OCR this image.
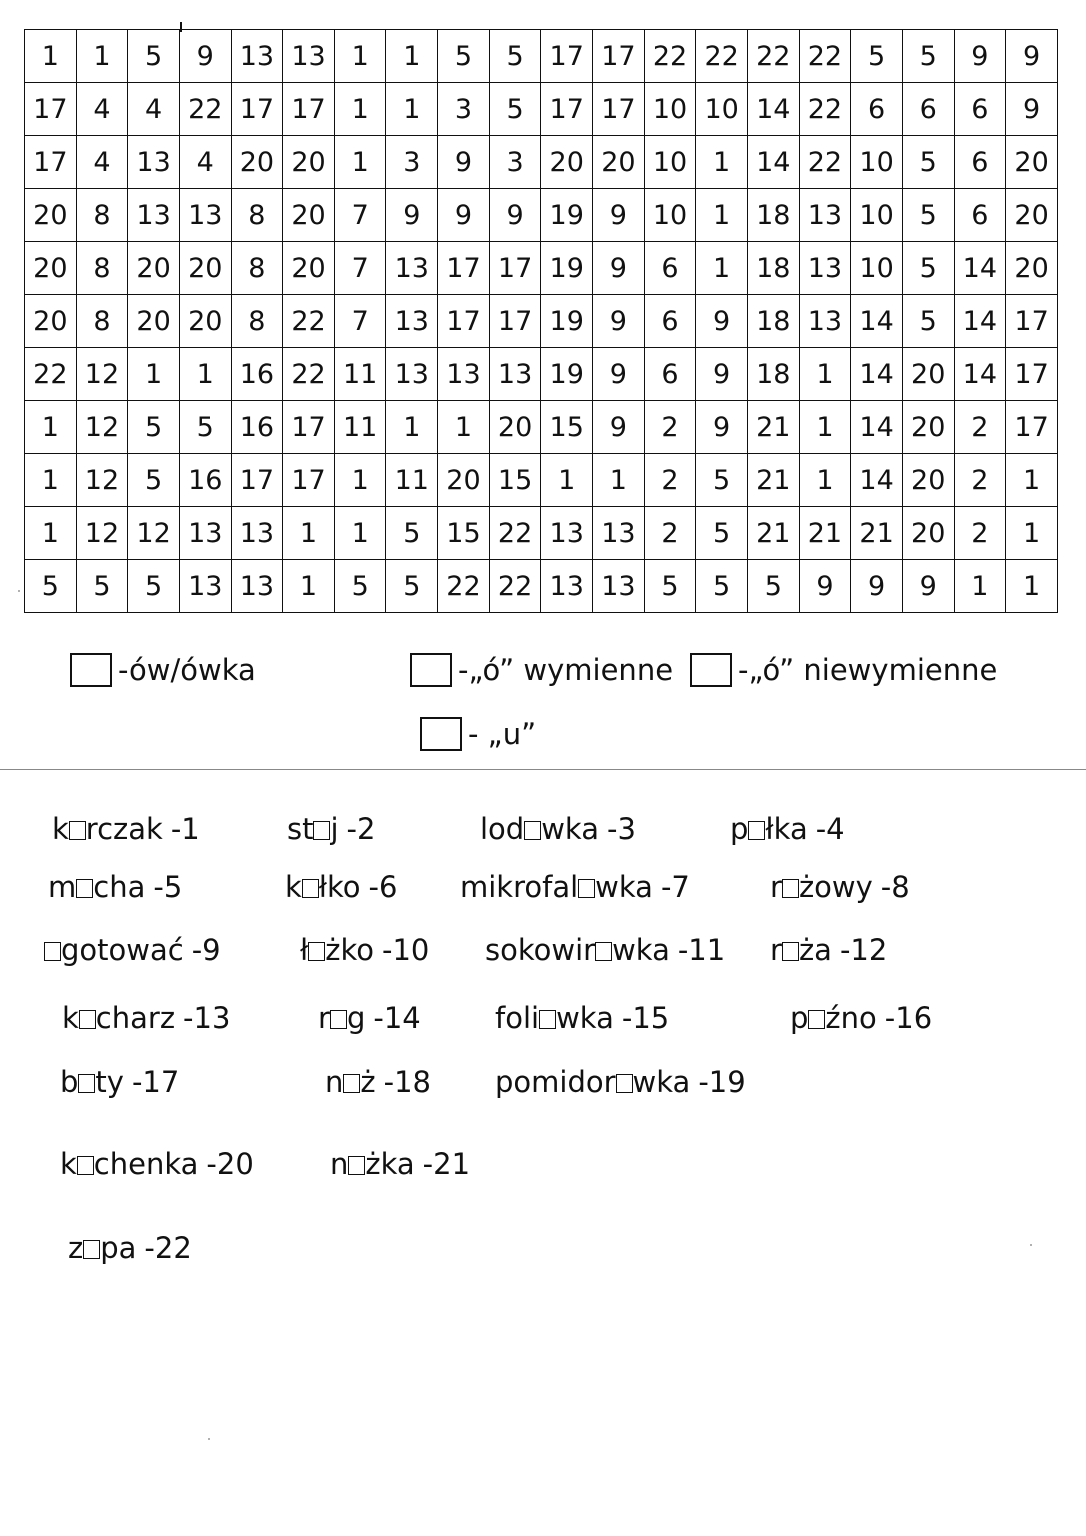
1	1	5	9	13	13	1	1	5	5	17	17	22	22	22	22	5	5	9	9
17	4	4	22	17	17	1	1	3	5	17	17	10	10	14	22	6	6	6	9
17	4	13	4	20	20	1	3	9	3	20	20	10	1	14	22	10	5	6	20
20	8	13	13	8	20	7	9	9	9	19	9	10	1	18	13	10	5	6	20
20	8	20	20	8	20	7	13	17	17	19	9	6	1	18	13	10	5	14	20
20	8	20	20	8	22	7	13	17	17	19	9	6	9	18	13	14	5	14	17
22	12	1	1	16	22	11	13	13	13	19	9	6	9	18	1	14	20	14	17
1	12	5	5	16	17	11	1	1	20	15	9	2	9	21	1	14	20	2	17
1	12	5	16	17	17	1	11	20	15	1	1	2	5	21	1	14	20	2	1
1	12	12	13	13	1	1	5	15	22	13	13	2	5	21	21	21	20	2	1
5	5	5	13	13	1	5	5	22	22	13	13	5	5	5	9	9	9	1	1
-ów/ówka	-„ó” wymienne -„ó” niewymienne
- „u”
k rczak -1	st j -2	lod wka -3	p łka -4
m cha -5	k łko -6 mikrofal wka -7	r żowy -8
gotować -9	ł żko -10 sokowir wka -11 r ża -12
k charz -13	r g -14	foli wka -15	p źno -16
b ty -17	n ż -18 pomidor wka -19
k chenka -20	n żka -21
z pa -22
